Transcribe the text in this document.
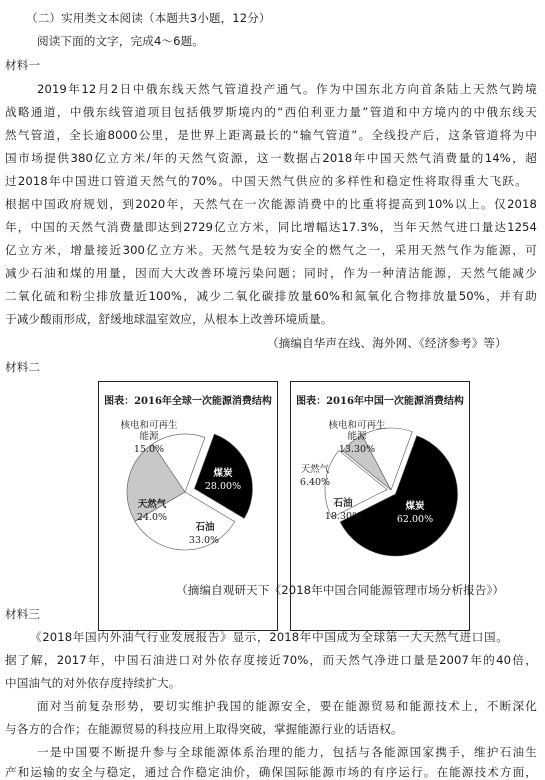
（二）实用类文本阅读（本题共3小题，12分）
阅读下面的文字，完成4～6题。
材料一
2019年12月2日中俄东线天然气管道投产通气。作为中国东北方向首条陆上天然气跨境
战略通道，中俄东线管道项目包括俄罗斯境内的“西伯利亚力量”管道和中方境内的中俄东线天
然气管道，全长逾8000公里，是世界上距离最长的“输气管道”。全线投产后，这条管道将为中
国市场提供380亿立方米/年的天然气资源，这一数据占2018年中国天然气消费量的14%，超
过2018年中国进口管道天然气的70%。中国天然气供应的多样性和稳定性将取得重大飞跃。
根据中国政府规划，到2020年，天然气在一次能源消费中的比重将提高到10%以上。仅2018
年，中国的天然气消费量即达到2729亿立方米，同比增幅达17.3%，当年天然气进口量达1254
亿立方米，增量接近300亿立方米。天然气是较为安全的燃气之一，采用天然气作为能源，可
减少石油和煤的用量，因而大大改善环境污染问题；同时，作为一种清洁能源，天然气能减少
二氧化硫和粉尘排放量近100%，减少二氧化碳排放量60%和氮氧化合物排放量50%，并有助
于减少酸雨形成，舒缓地球温室效应，从根本上改善环境质量。
（摘编自华声在线、海外网、《经济参考》等）
材料二
图表：2016年全球一次能源消费结构
核电和可再生能源
15.0%
煤炭
28.00%
天然气
24.0%
石油
33.0%
图表：2016年中国一次能源消费结构
核电和可再生能源
13.30%
天然气
6.40%
石油
18.30%
煤炭
62.00%
（摘编自观研天下《2018年中国合同能源管理市场分析报告》）
材料三
《2018年国内外油气行业发展报告》显示，2018年中国成为全球第一大天然气进口国。
据了解，2017年，中国石油进口对外依存度接近70%，而天然气净进口量是2007年的40倍，
中国油气的对外依存度持续扩大。
面对当前复杂形势，要切实维护我国的能源安全，要在能源贸易和能源技术上，不断深化
与各方的合作；在能源贸易的科技应用上取得突破，掌握能源行业的话语权。
一是中国要不断提升参与全球能源体系治理的能力，包括与各能源国家携手，维护石油生
产和运输的安全与稳定，通过合作稳定油价，确保国际能源市场的有序运行。在能源技术方面，
